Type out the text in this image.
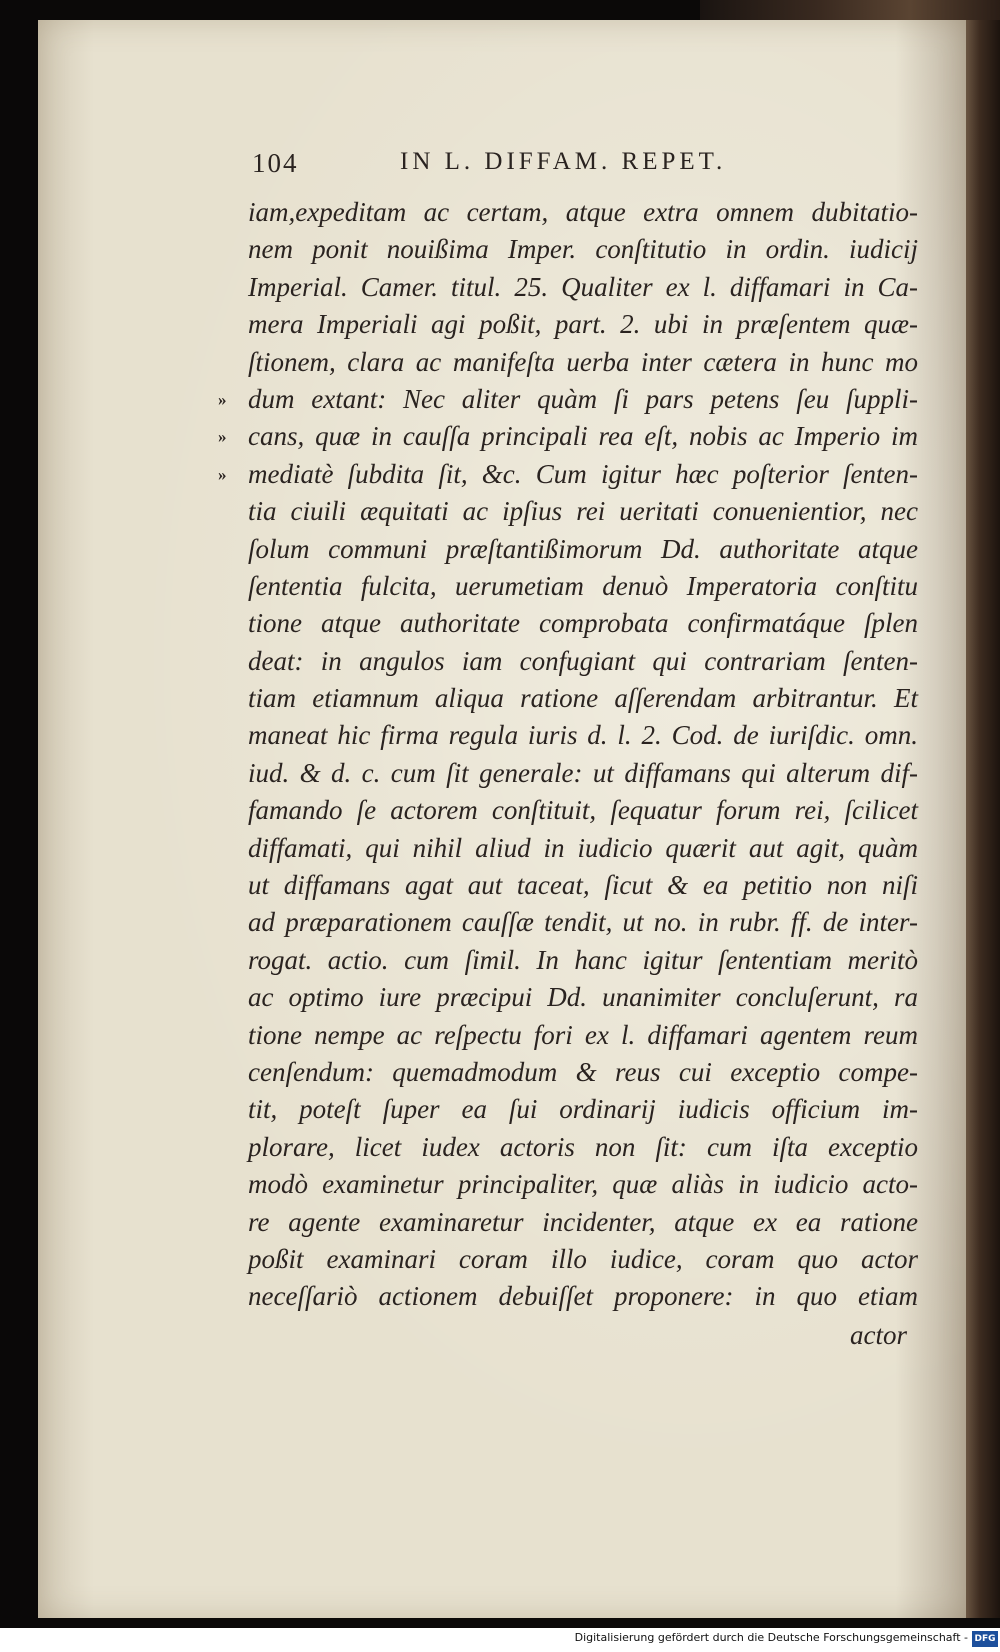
104	IN L. DIFFAM. REPET.
iam,expeditam ac certam, atque extra omnem dubitatio-
nem ponit nouißima Imper. conſtitutio in ordin. iudicij
Imperial. Camer. titul. 25. Qualiter ex l. diffamari in Ca-
mera Imperiali agi poßit, part. 2. ubi in præſentem quæ-
ſtionem, clara ac manifeſta uerba inter cætera in hunc mo
» dum extant: Nec aliter quàm ſi pars petens ſeu ſuppli-
» cans, quæ in cauſſa principali rea eſt, nobis ac Imperio im
» mediatè ſubdita ſit, &c. Cum igitur hæc poſterior ſenten-
tia ciuili æquitati ac ipſius rei ueritati conuenientior, nec
ſolum communi præſtantißimorum Dd. authoritate atque
ſententia fulcita, uerumetiam denuò Imperatoria conſtitu
tione atque authoritate comprobata confirmatáque ſplen
deat: in angulos iam confugiant qui contrariam ſenten-
tiam etiamnum aliqua ratione aſſerendam arbitrantur. Et
maneat hic firma regula iuris d. l. 2. Cod. de iuriſdic. omn.
iud. & d. c. cum ſit generale: ut diffamans qui alterum dif-
famando ſe actorem conſtituit, ſequatur forum rei, ſcilicet
diffamati, qui nihil aliud in iudicio quærit aut agit, quàm
ut diffamans agat aut taceat, ſicut & ea petitio non niſi
ad præparationem cauſſæ tendit, ut no. in rubr. ff. de inter-
rogat. actio. cum ſimil. In hanc igitur ſententiam meritò
ac optimo iure præcipui Dd. unanimiter concluſerunt, ra
tione nempe ac reſpectu fori ex l. diffamari agentem reum
cenſendum: quemadmodum & reus cui exceptio compe-
tit, poteſt ſuper ea ſui ordinarij iudicis officium im-
plorare, licet iudex actoris non ſit: cum iſta exceptio
modò examinetur principaliter, quæ aliàs in iudicio acto-
re agente examinaretur incidenter, atque ex ea ratione
poßit examinari coram illo iudice, coram quo actor
neceſſariò actionem debuiſſet proponere: in quo etiam
actor
Digitalisierung gefördert durch die Deutsche Forschungsgemeinschaft - DFG
